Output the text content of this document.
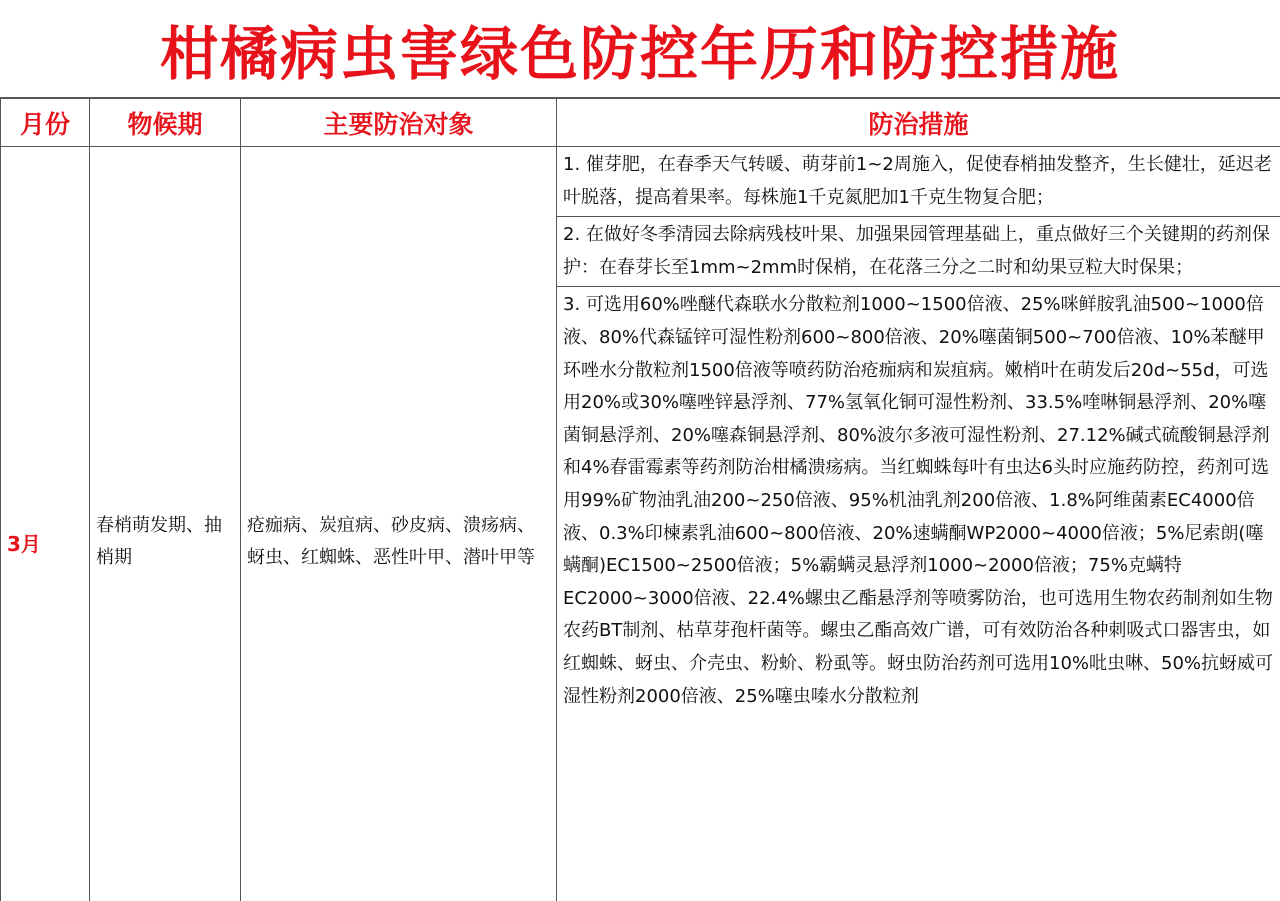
柑橘病虫害绿色防控年历和防控措施
月份	物候期	主要防治对象	防治措施
3月	春梢萌发期、抽梢期	疮痂病、炭疽病、砂皮病、溃疡病、蚜虫、红蜘蛛、恶性叶甲、潜叶甲等	1. 催芽肥，在春季天气转暖、萌芽前1~2周施入，促使春梢抽发整齐，生长健壮，延迟老叶脱落，提高着果率。每株施1千克氮肥加1千克生物复合肥；
2. 在做好冬季清园去除病残枝叶果、加强果园管理基础上，重点做好三个关键期的药剂保护：在春芽长至1mm~2mm时保梢，在花落三分之二时和幼果豆粒大时保果；
3. 可选用60%唑醚代森联水分散粒剂1000~1500倍液、25%咪鲜胺乳油500~1000倍液、80%代森锰锌可湿性粉剂600~800倍液、20%噻菌铜500~700倍液、10%苯醚甲环唑水分散粒剂1500倍液等喷药防治疮痂病和炭疽病。嫩梢叶在萌发后20d~55d，可选用20%或30%噻唑锌悬浮剂、77%氢氧化铜可湿性粉剂、33.5%喹啉铜悬浮剂、20%噻菌铜悬浮剂、20%噻森铜悬浮剂、80%波尔多液可湿性粉剂、27.12%碱式硫酸铜悬浮剂和4%春雷霉素等药剂防治柑橘溃疡病。当红蜘蛛每叶有虫达6头时应施药防控，药剂可选用99%矿物油乳油200~250倍液、95%机油乳剂200倍液、1.8%阿维菌素EC4000倍液、0.3%印楝素乳油600~800倍液、20%速螨酮WP2000~4000倍液；5%尼索朗(噻螨酮)EC1500~2500倍液；5%霸螨灵悬浮剂1000~2000倍液；75%克螨特EC2000~3000倍液、22.4%螺虫乙酯悬浮剂等喷雾防治，也可选用生物农药制剂如生物农药BT制剂、枯草芽孢杆菌等。螺虫乙酯高效广谱，可有效防治各种刺吸式口器害虫，如红蜘蛛、蚜虫、介壳虫、粉蚧、粉虱等。蚜虫防治药剂可选用10%吡虫啉、50%抗蚜威可湿性粉剂2000倍液、25%噻虫嗪水分散粒剂
